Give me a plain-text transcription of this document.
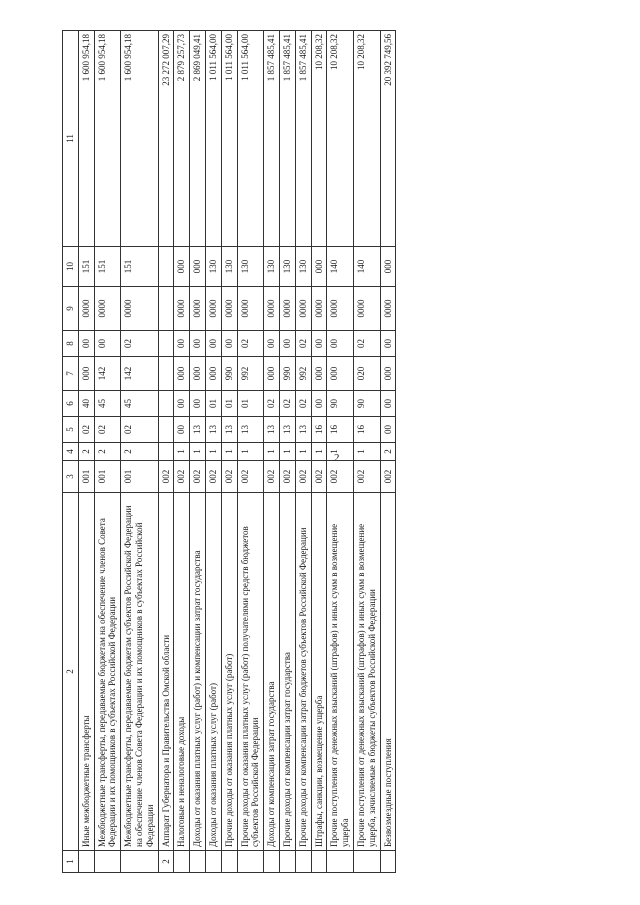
2
1	2	3	4	5	6	7	8	9	10	11
	Иные межбюджетные трансферты	001	2	02	40	000	00	0000	151	1 600 954,18
	Межбюджетные трансферты, передаваемые бюджетам на обеспечение членов Совета Федерации и их помощников в субъектах Российской Федерации	001	2	02	45	142	00	0000	151	1 600 954,18
	Межбюджетные трансферты, передаваемые бюджетам субъектов Российской Федерации на обеспечение членов Совета Федерации и их помощников в субъектах Российской Федерации	001	2	02	45	142	02	0000	151	1 600 954,18
2	Аппарат Губернатора и Правительства Омской области	002								23 272 007,29
	Налоговые и неналоговые доходы	002	1	00	00	000	00	0000	000	2 879 257,73
	Доходы от оказания платных услуг (работ) и компенсации затрат государства	002	1	13	00	000	00	0000	000	2 869 049,41
	Доходы от оказания платных услуг (работ)	002	1	13	01	000	00	0000	130	1 011 564,00
	Прочие доходы от оказания платных услуг (работ)	002	1	13	01	990	00	0000	130	1 011 564,00
	Прочие доходы от оказания платных услуг (работ) получателями средств бюджетов субъектов Российской Федерации	002	1	13	01	992	02	0000	130	1 011 564,00
	Доходы от компенсации затрат государства	002	1	13	02	000	00	0000	130	1 857 485,41
	Прочие доходы от компенсации затрат государства	002	1	13	02	990	00	0000	130	1 857 485,41
	Прочие доходы от компенсации затрат бюджетов субъектов Российской Федерации	002	1	13	02	992	02	0000	130	1 857 485,41
	Штрафы, санкции, возмещение ущерба	002	1	16	00	000	00	0000	000	10 208,32
	Прочие поступления от денежных взысканий (штрафов) и иных сумм в возмещение ущерба	002	1	16	90	000	00	0000	140	10 208,32
	Прочие поступления от денежных взысканий (штрафов) и иных сумм в возмещение ущерба, зачисляемые в бюджеты субъектов Российской Федерации	002	1	16	90	020	02	0000	140	10 208,32
	Безвозмездные поступления	002	2	00	00	000	00	0000	000	20 392 749,56
